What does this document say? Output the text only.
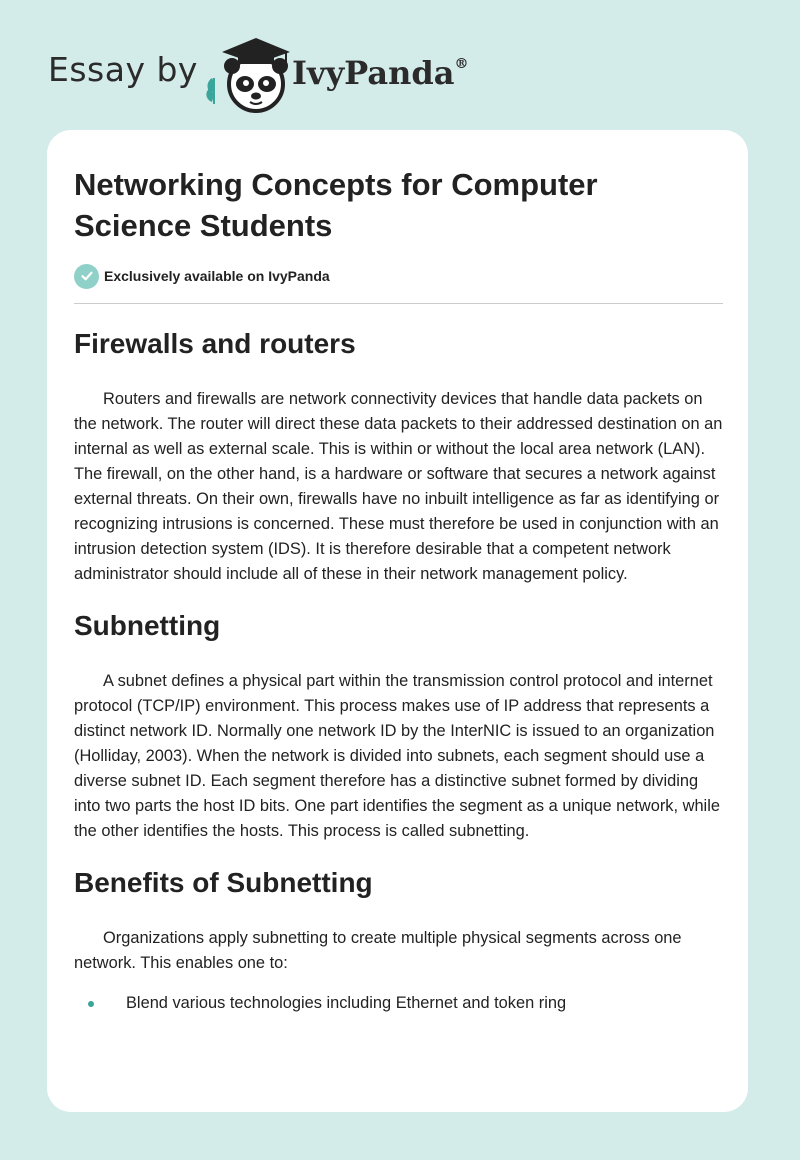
Essay by	IvyPanda®
Networking Concepts for Computer Science Students
Exclusively available on IvyPanda
Firewalls and routers

Routers and firewalls are network connectivity devices that handle data packets on the network. The router will direct these data packets to their addressed destination on an internal as well as external scale. This is within or without the local area network (LAN). The firewall, on the other hand, is a hardware or software that secures a network against external threats. On their own, firewalls have no inbuilt intelligence as far as identifying or recognizing intrusions is concerned. These must therefore be used in conjunction with an intrusion detection system (IDS). It is therefore desirable that a competent network administrator should include all of these in their network management policy.

Subnetting

A subnet defines a physical part within the transmission control protocol and internet protocol (TCP/IP) environment. This process makes use of IP address that represents a distinct network ID. Normally one network ID by the InterNIC is issued to an organization (Holliday, 2003). When the network is divided into subnets, each segment should use a diverse subnet ID. Each segment therefore has a distinctive subnet formed by dividing into two parts the host ID bits. One part identifies the segment as a unique network, while the other identifies the hosts. This process is called subnetting.

Benefits of Subnetting

Organizations apply subnetting to create multiple physical segments across one network. This enables one to:

Blend various technologies including Ethernet and token ring
